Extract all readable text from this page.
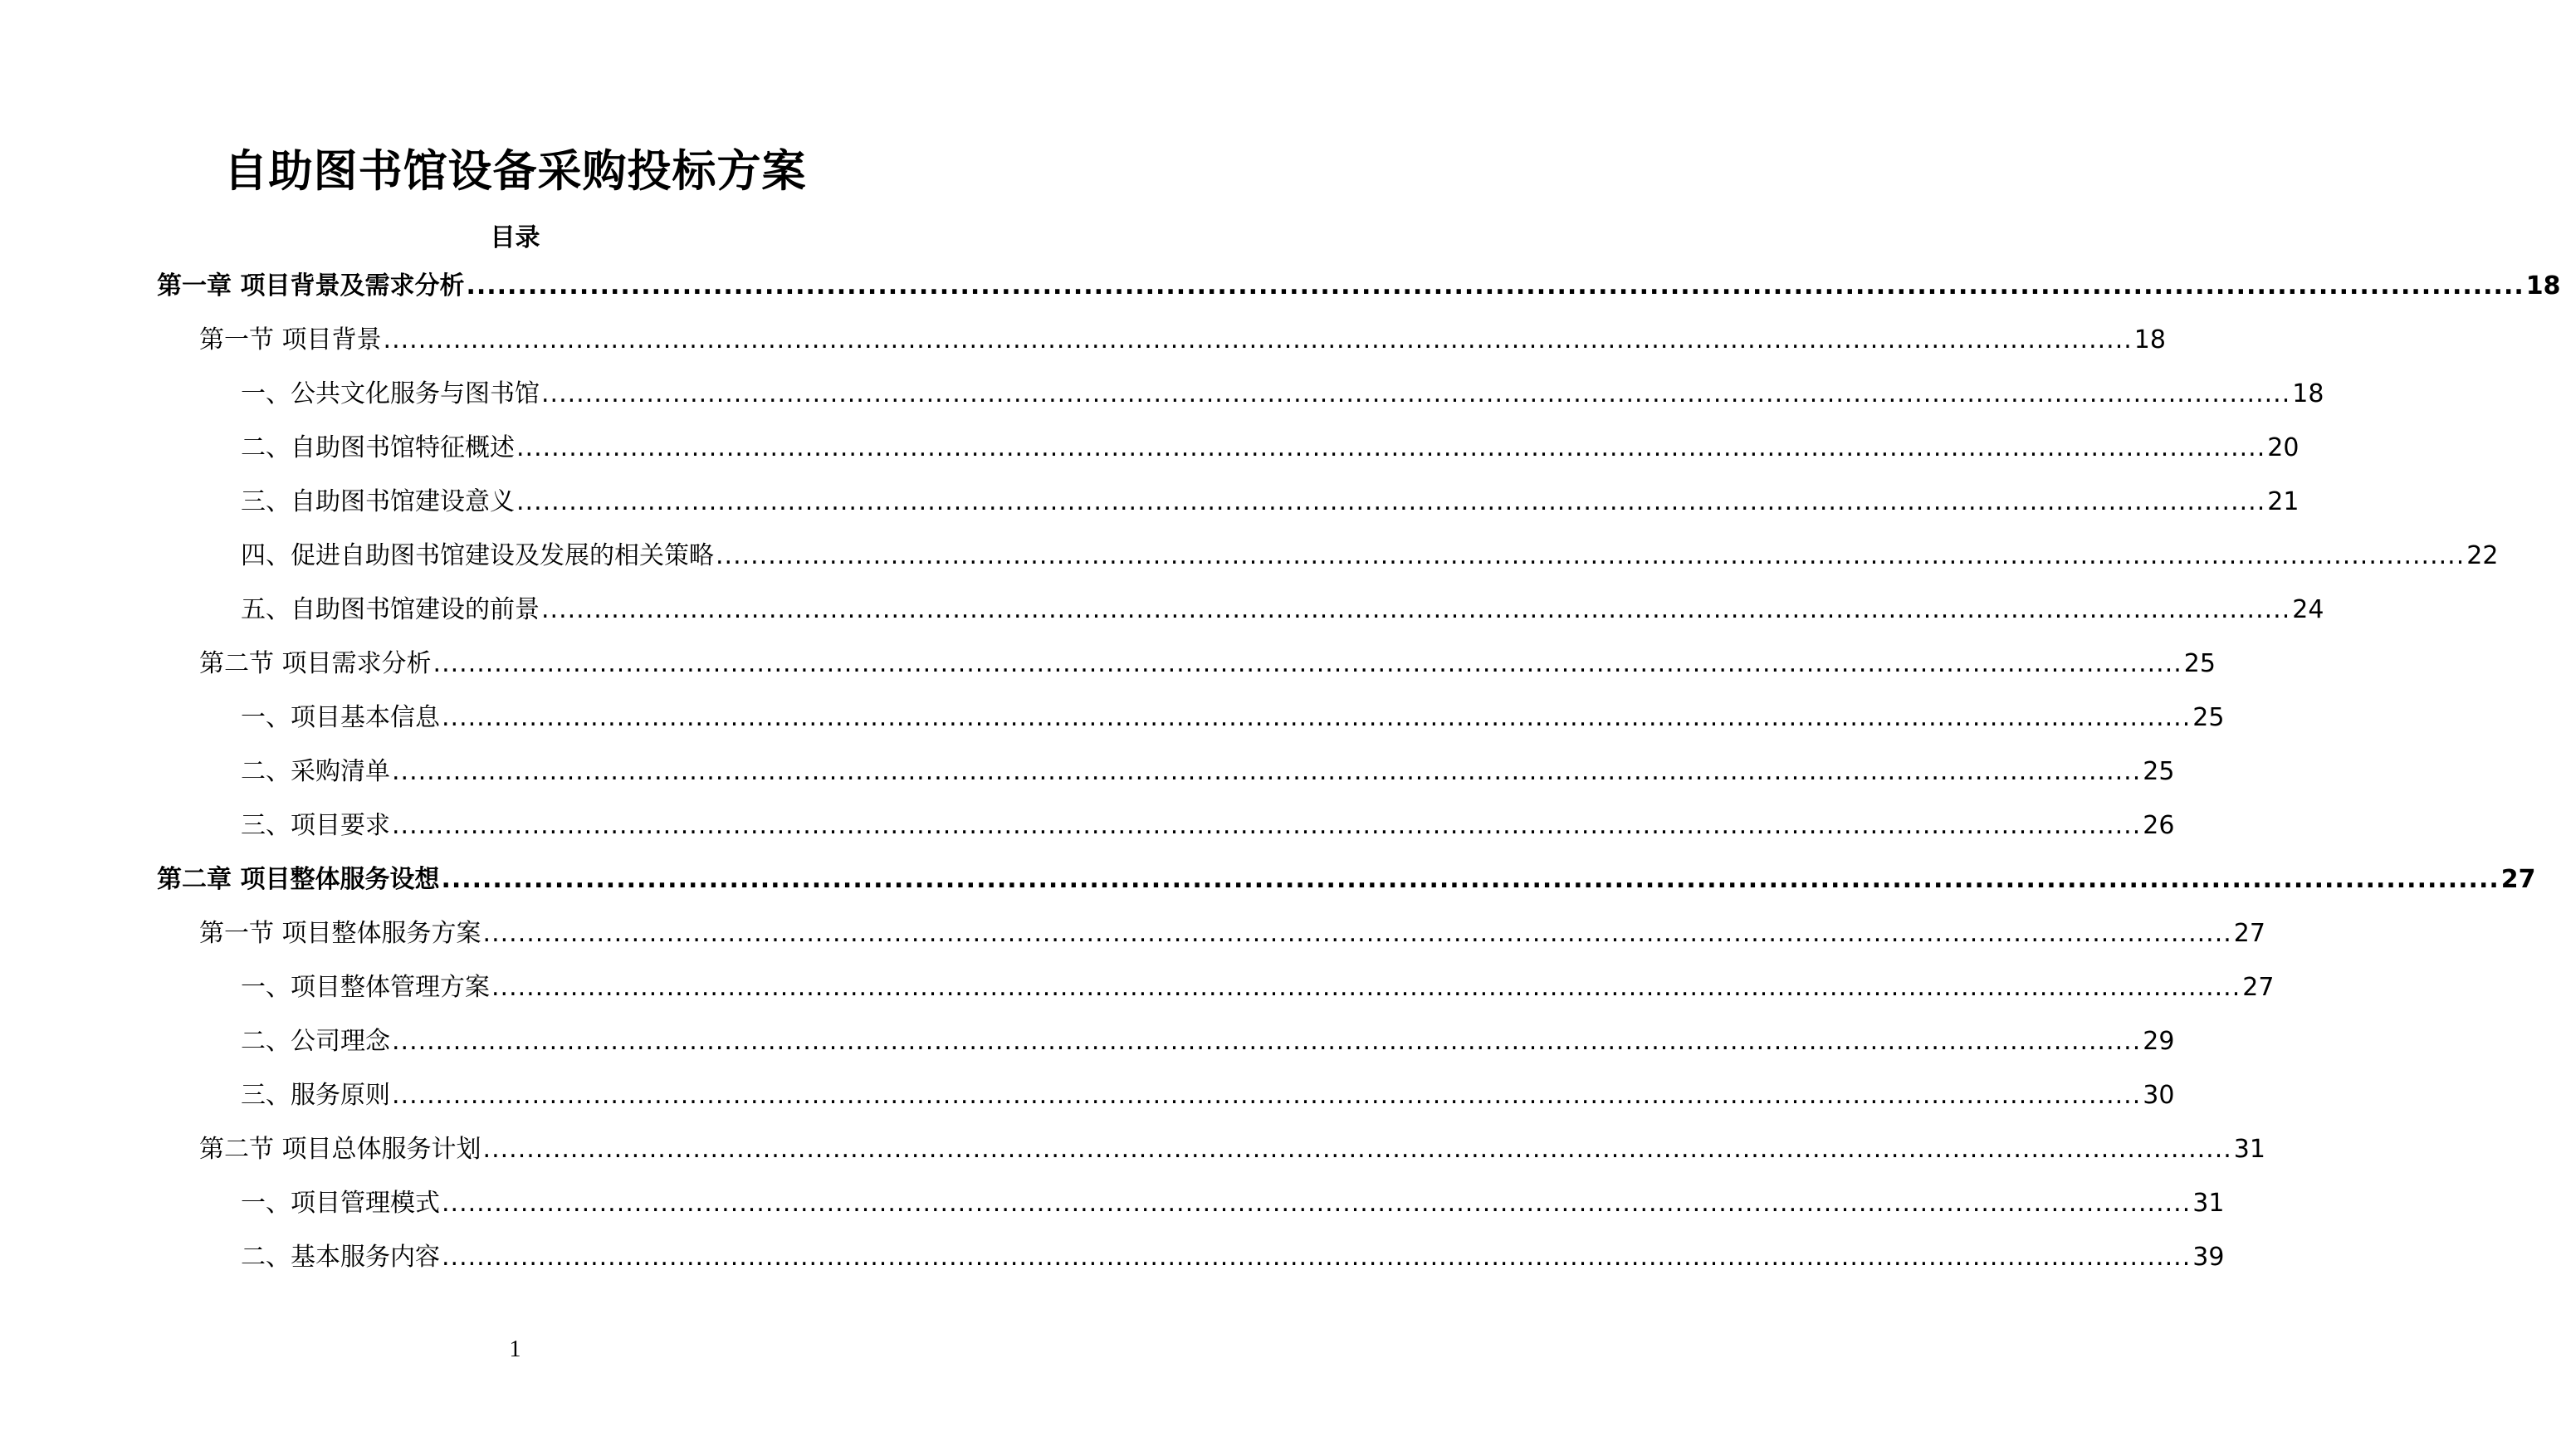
自助图书馆设备采购投标方案
目录
第一章 项目背景及需求分析 ........................................................................................................................................................................................................ 18
第一节 项目背景 ........................................................................................................................................................................................................ 18
一、公共文化服务与图书馆 ........................................................................................................................................................................................................ 18
二、自助图书馆特征概述 ........................................................................................................................................................................................................ 20
三、自助图书馆建设意义 ........................................................................................................................................................................................................ 21
四、促进自助图书馆建设及发展的相关策略 ........................................................................................................................................................................................................ 22
五、自助图书馆建设的前景 ........................................................................................................................................................................................................ 24
第二节 项目需求分析 ........................................................................................................................................................................................................ 25
一、项目基本信息 ........................................................................................................................................................................................................ 25
二、采购清单 ........................................................................................................................................................................................................ 25
三、项目要求 ........................................................................................................................................................................................................ 26
第二章 项目整体服务设想 ........................................................................................................................................................................................................ 27
第一节 项目整体服务方案 ........................................................................................................................................................................................................ 27
一、项目整体管理方案 ........................................................................................................................................................................................................ 27
二、公司理念 ........................................................................................................................................................................................................ 29
三、服务原则 ........................................................................................................................................................................................................ 30
第二节 项目总体服务计划 ........................................................................................................................................................................................................ 31
一、项目管理模式 ........................................................................................................................................................................................................ 31
二、基本服务内容 ........................................................................................................................................................................................................ 39
1
